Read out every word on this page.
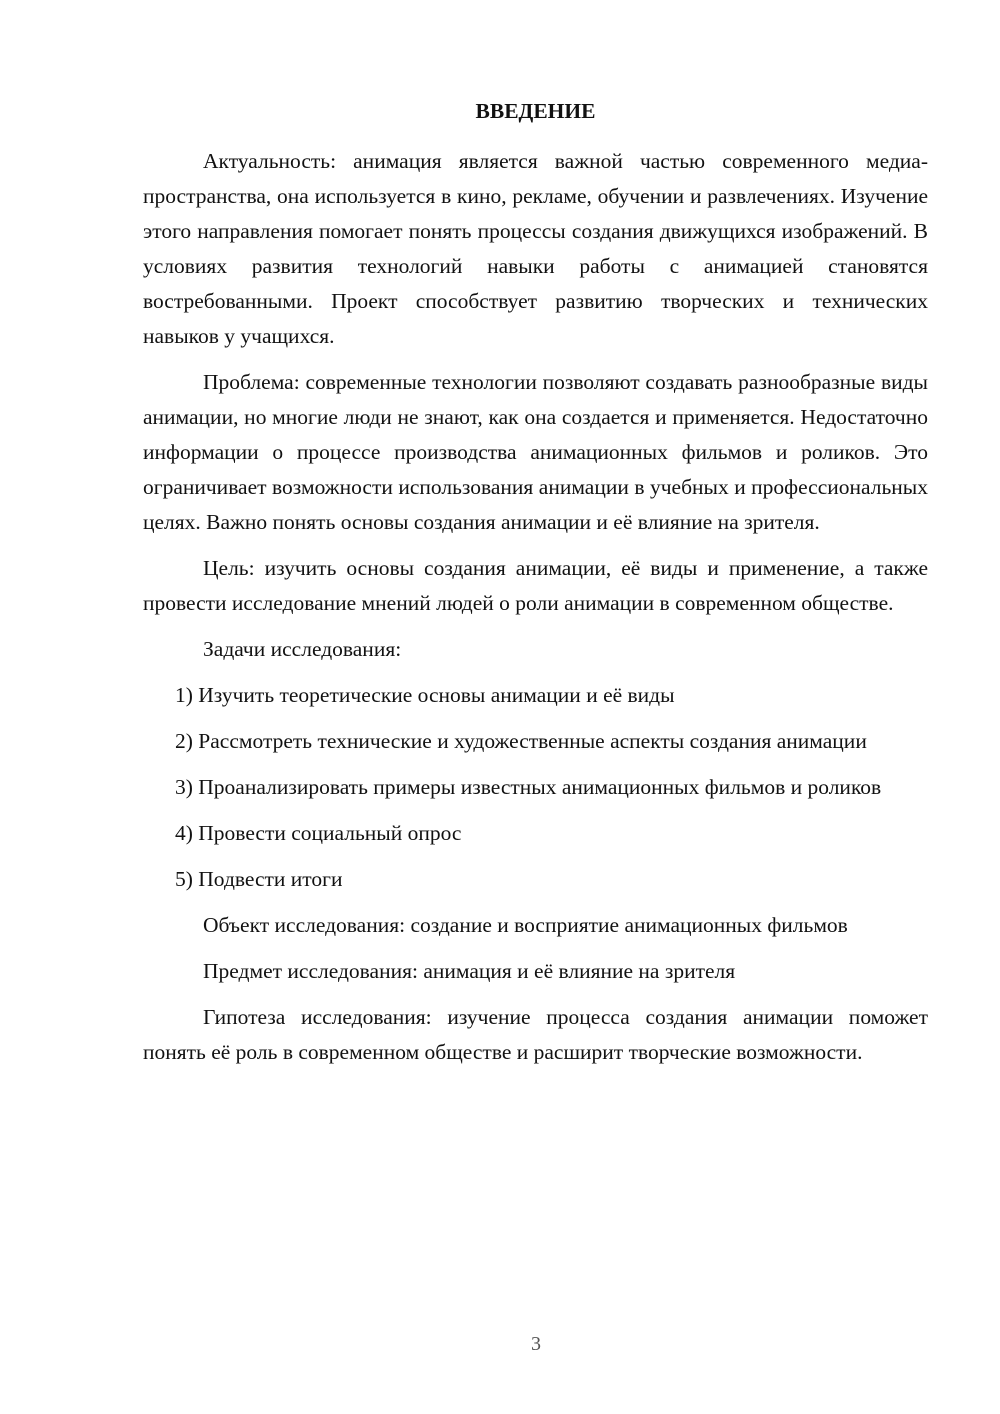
ВВЕДЕНИЕ

Актуальность: анимация является важной частью современного медиа-пространства, она используется в кино, рекламе, обучении и развлечениях. Изучение этого направления помогает понять процессы создания движущихся изображений. В условиях развития технологий навыки работы с анимацией становятся востребованными. Проект способствует развитию творческих и технических навыков у учащихся.

Проблема: современные технологии позволяют создавать разнообразные виды анимации, но многие люди не знают, как она создается и применяется. Недостаточно информации о процессе производства анимационных фильмов и роликов. Это ограничивает возможности использования анимации в учебных и профессиональных целях. Важно понять основы создания анимации и её влияние на зрителя.

Цель: изучить основы создания анимации, её виды и применение, а также провести исследование мнений людей о роли анимации в современном обществе.

Задачи исследования:

1) Изучить теоретические основы анимации и её виды

2) Рассмотреть технические и художественные аспекты создания анимации

3) Проанализировать примеры известных анимационных фильмов и роликов

4) Провести социальный опрос

5) Подвести итоги

Объект исследования: создание и восприятие анимационных фильмов

Предмет исследования: анимация и её влияние на зрителя

Гипотеза исследования: изучение процесса создания анимации поможет понять её роль в современном обществе и расширит творческие возможности.

3
